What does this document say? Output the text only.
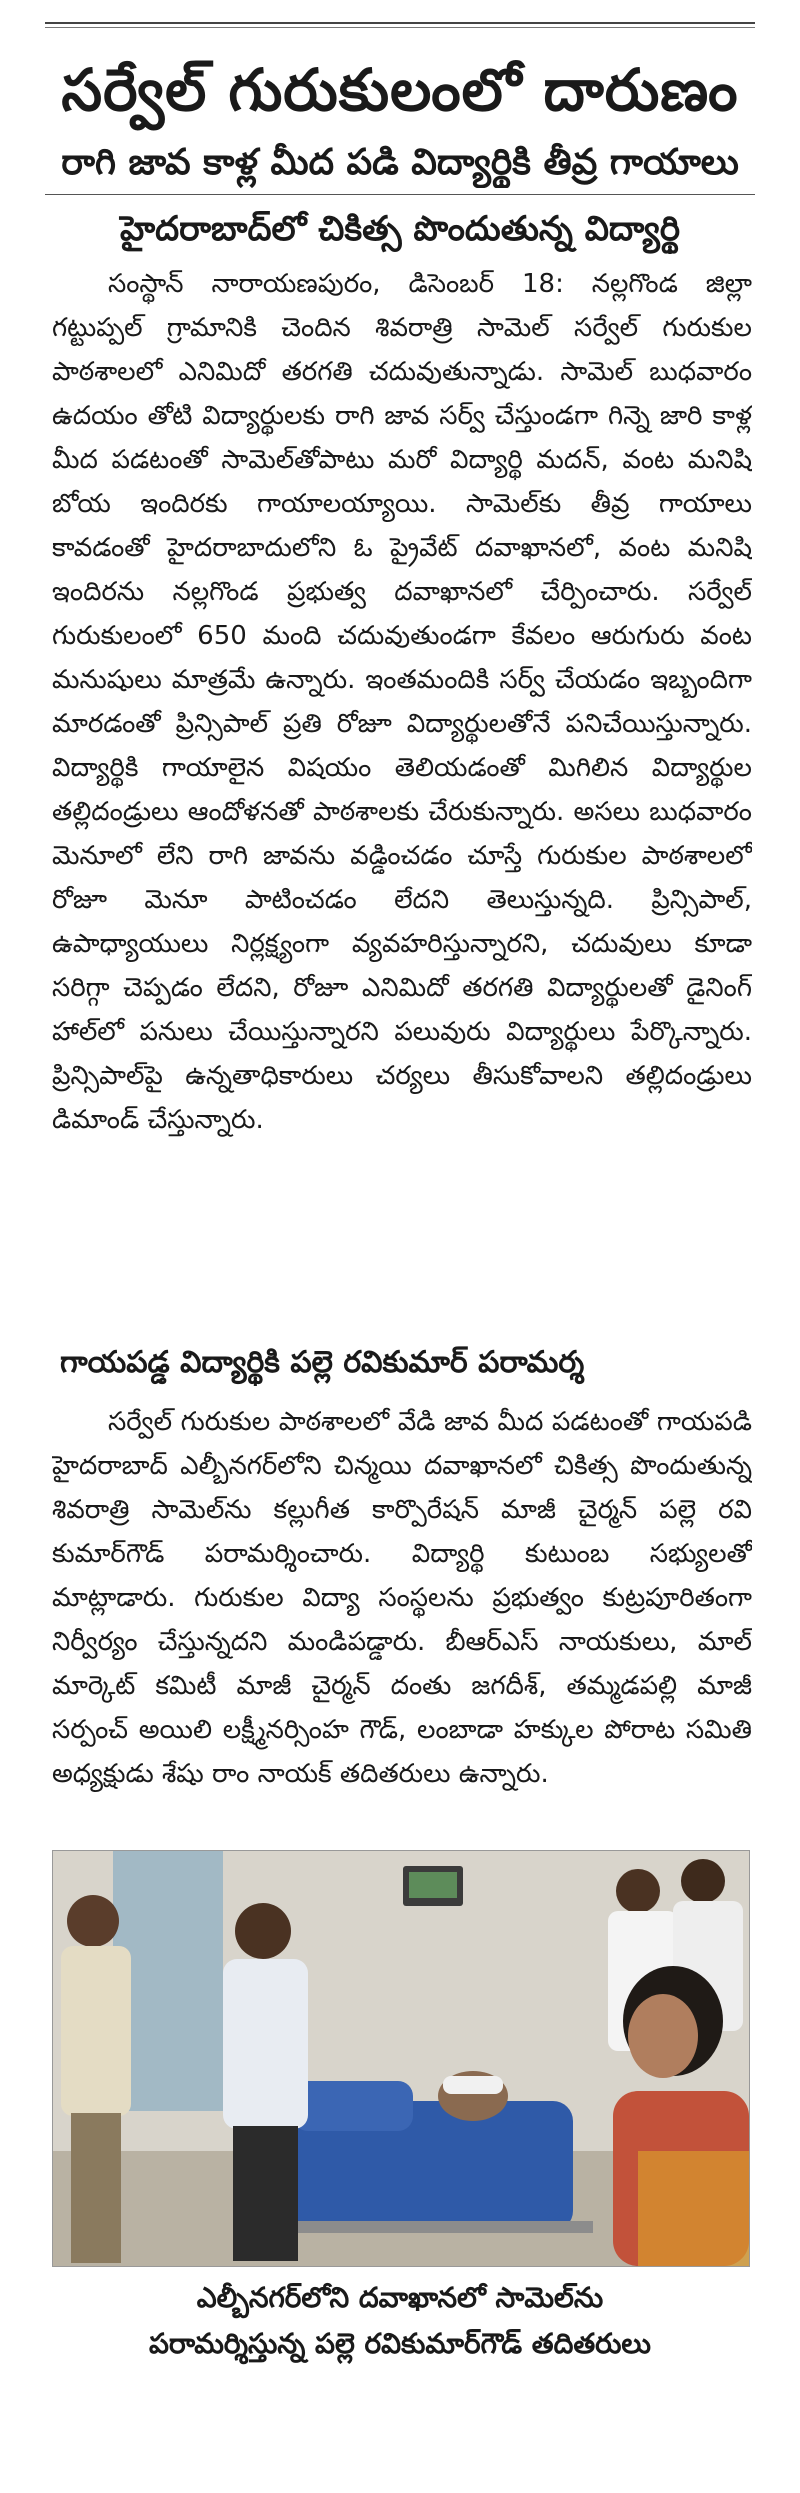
సర్వేల్ గురుకులంలో దారుణం
రాగి జావ కాళ్ల మీద పడి విద్యార్థికి తీవ్ర గాయాలు
హైదరాబాద్‌లో చికిత్స పొందుతున్న విద్యార్థి

సంస్థాన్ నారాయణపురం, డిసెంబర్ 18: నల్లగొండ జిల్లా గట్టుప్పల్ గ్రామానికి చెందిన శివరాత్రి సామెల్ సర్వేల్ గురుకుల పాఠశాలలో ఎనిమిదో తరగతి చదువుతున్నాడు. సామెల్ బుధవారం ఉదయం తోటి విద్యార్థులకు రాగి జావ సర్వ్ చేస్తుండగా గిన్నె జారి కాళ్ల మీద పడటంతో సామెల్‌తోపాటు మరో విద్యార్థి మదన్, వంట మనిషి బోయ ఇందిరకు గాయాలయ్యాయి. సామెల్‌కు తీవ్ర గాయాలు కావడంతో హైదరాబాదులోని ఓ ప్రైవేట్ దవాఖానలో, వంట మనిషి ఇందిరను నల్లగొండ ప్రభుత్వ దవాఖానలో చేర్పించారు. సర్వేల్ గురుకులంలో 650 మంది చదువుతుండగా కేవలం ఆరుగురు వంట మనుషులు మాత్రమే ఉన్నారు. ఇంతమందికి సర్వ్ చేయడం ఇబ్బందిగా మారడంతో ప్రిన్సిపాల్ ప్రతి రోజూ విద్యార్థులతోనే పనిచేయిస్తున్నారు. విద్యార్థికి గాయాలైన విషయం తెలియడంతో మిగిలిన విద్యార్థుల తల్లిదండ్రులు ఆందోళనతో పాఠశాలకు చేరుకున్నారు. అసలు బుధవారం మెనూలో లేని రాగి జావను వడ్డించడం చూస్తే గురుకుల పాఠశాలలో రోజూ మెనూ పాటించడం లేదని తెలుస్తున్నది. ప్రిన్సిపాల్, ఉపాధ్యాయులు నిర్లక్ష్యంగా వ్యవహరిస్తున్నారని, చదువులు కూడా సరిగ్గా చెప్పడం లేదని, రోజూ ఎనిమిదో తరగతి విద్యార్థులతో డైనింగ్ హాల్‌లో పనులు చేయిస్తున్నారని పలువురు విద్యార్థులు పేర్కొన్నారు. ప్రిన్సిపాల్‌పై ఉన్నతాధికారులు చర్యలు తీసుకోవాలని తల్లిదండ్రులు డిమాండ్ చేస్తున్నారు.

గాయపడ్డ విద్యార్థికి పల్లె రవికుమార్ పరామర్శ

సర్వేల్ గురుకుల పాఠశాలలో వేడి జావ మీద పడటంతో గాయపడి హైదరాబాద్ ఎల్బీనగర్‌లోని చిన్మయి దవాఖానలో చికిత్స పొందుతున్న శివరాత్రి సామెల్‌ను కల్లుగీత కార్పొరేషన్ మాజీ చైర్మన్ పల్లె రవి కుమార్‌గౌడ్ పరామర్శించారు. విద్యార్థి కుటుంబ సభ్యులతో మాట్లాడారు. గురుకుల విద్యా సంస్థలను ప్రభుత్వం కుట్రపూరితంగా నిర్వీర్యం చేస్తున్నదని మండిపడ్డారు. బీఆర్ఎస్ నాయకులు, మాల్ మార్కెట్ కమిటీ మాజీ చైర్మన్ దంతు జగదీశ్, తమ్మడపల్లి మాజీ సర్పంచ్ అయిలి లక్ష్మీనర్సింహ గౌడ్, లంబాడా హక్కుల పోరాట సమితి అధ్యక్షుడు శేషు రాం నాయక్ తదితరులు ఉన్నారు.

ఎల్బీనగర్‌లోని దవాఖానలో సామెల్‌ను
పరామర్శిస్తున్న పల్లె రవికుమార్‌గౌడ్ తదితరులు
